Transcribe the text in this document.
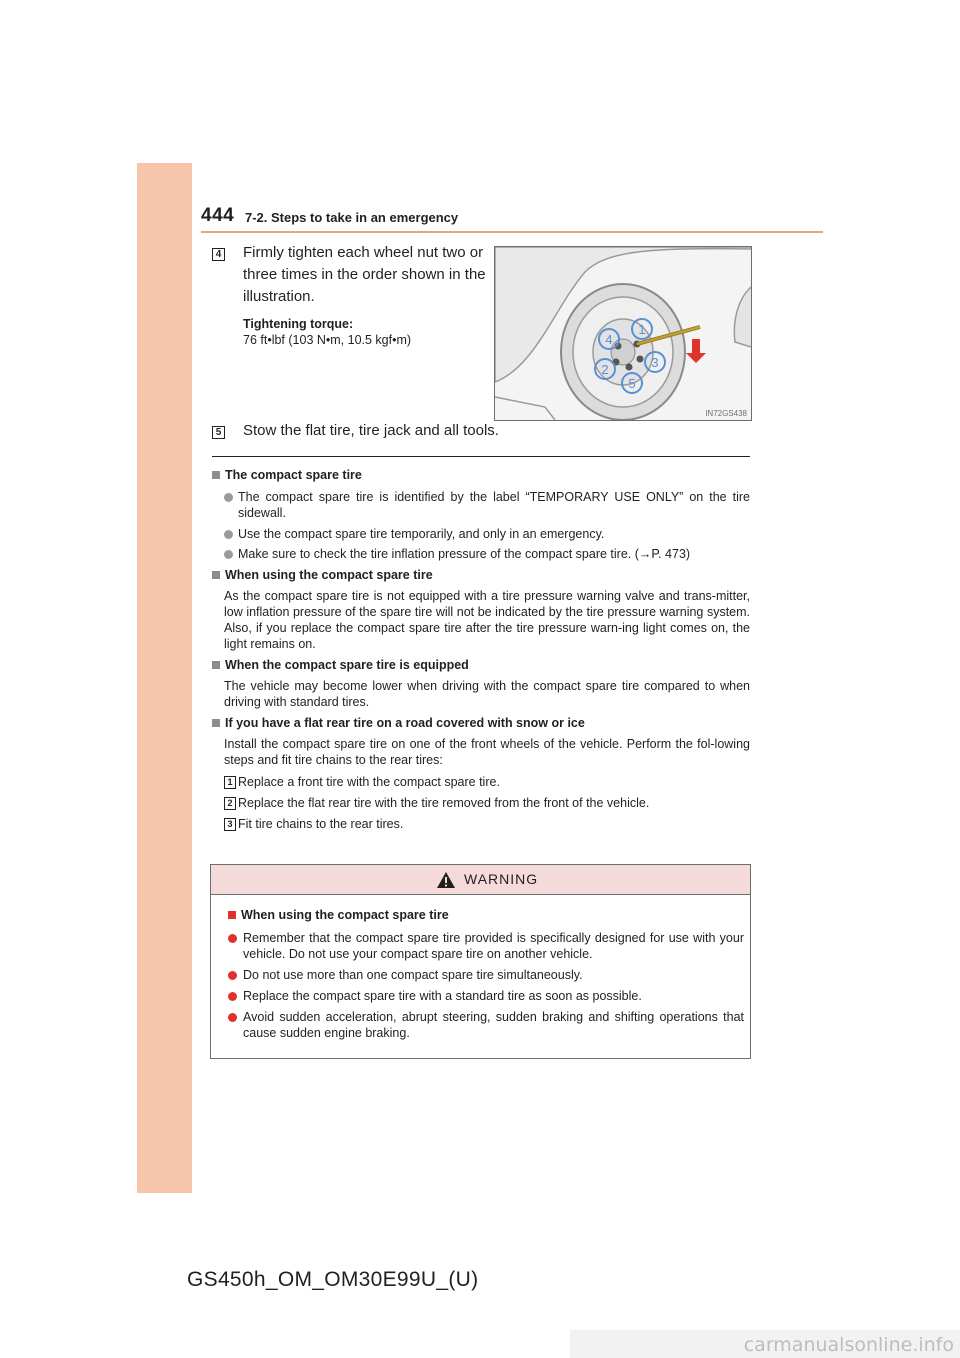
444 7-2. Steps to take in an emergency
4 Firmly tighten each wheel nut two or
three times in the order shown in the
illustration.
Tightening torque:
76 ft•lbf (103 N•m, 10.5 kgf•m)
1
4
3
2
5
IN72GS438
5 Stow the flat tire, tire jack and all tools.
The compact spare tire
The compact spare tire is identified by the label “TEMPORARY USE ONLY” on the tire sidewall.
Use the compact spare tire temporarily, and only in an emergency.
Make sure to check the tire inflation pressure of the compact spare tire. (→P. 473)
When using the compact spare tire
As the compact spare tire is not equipped with a tire pressure warning valve and trans-mitter, low inflation pressure of the spare tire will not be indicated by the tire pressure warning system. Also, if you replace the compact spare tire after the tire pressure warn-ing light comes on, the light remains on.
When the compact spare tire is equipped
The vehicle may become lower when driving with the compact spare tire compared to when driving with standard tires.
If you have a flat rear tire on a road covered with snow or ice
Install the compact spare tire on one of the front wheels of the vehicle. Perform the fol-lowing steps and fit tire chains to the rear tires:
1 Replace a front tire with the compact spare tire.
2 Replace the flat rear tire with the tire removed from the front of the vehicle.
3 Fit tire chains to the rear tires.
WARNING
When using the compact spare tire
Remember that the compact spare tire provided is specifically designed for use with your vehicle. Do not use your compact spare tire on another vehicle.
Do not use more than one compact spare tire simultaneously.
Replace the compact spare tire with a standard tire as soon as possible.
Avoid sudden acceleration, abrupt steering, sudden braking and shifting operations that cause sudden engine braking.
GS450h_OM_OM30E99U_(U)
carmanualsonline.info
